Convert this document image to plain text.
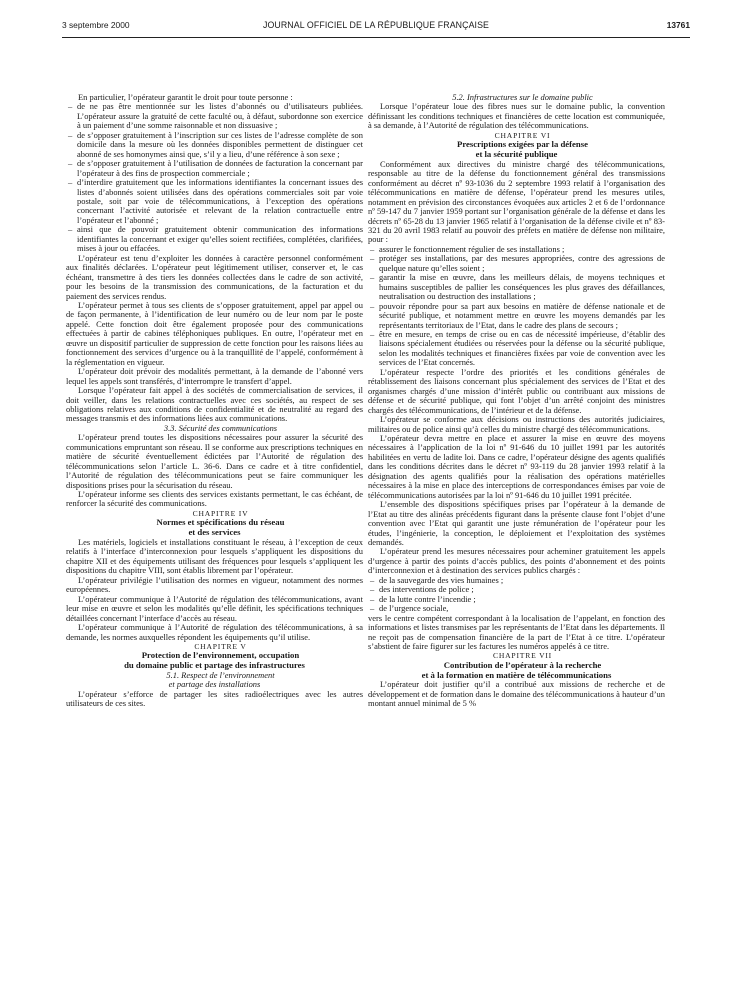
3 septembre 2000	JOURNAL OFFICIEL DE LA RÉPUBLIQUE FRANÇAISE	13761

En particulier, l’opérateur garantit le droit pour toute personne :

– de ne pas être mentionnée sur les listes d’abonnés ou d’utilisateurs publiées. L’opérateur assure la gratuité de cette faculté ou, à défaut, subordonne son exercice à un paiement d’une somme raisonnable et non dissuasive ;
– de s’opposer gratuitement à l’inscription sur ces listes de l’adresse complète de son domicile dans la mesure où les données disponibles permettent de distinguer cet abonné de ses homonymes ainsi que, s’il y a lieu, d’une référence à son sexe ;
– de s’opposer gratuitement à l’utilisation de données de facturation la concernant par l’opérateur à des fins de prospection commerciale ;
– d’interdire gratuitement que les informations identifiantes la concernant issues des listes d’abonnés soient utilisées dans des opérations commerciales soit par voie postale, soit par voie de télécommunications, à l’exception des opérations concernant l’activité autorisée et relevant de la relation contractuelle entre l’opérateur et l’abonné ;
– ainsi que de pouvoir gratuitement obtenir communication des informations identifiantes la concernant et exiger qu’elles soient rectifiées, complétées, clarifiées, mises à jour ou effacées.

L’opérateur est tenu d’exploiter les données à caractère personnel conformément aux finalités déclarées. L’opérateur peut légitimement utiliser, conserver et, le cas échéant, transmettre à des tiers les données collectées dans le cadre de son activité, pour les besoins de la transmission des communications, de la facturation et du paiement des services rendus.

L’opérateur permet à tous ses clients de s’opposer gratuitement, appel par appel ou de façon permanente, à l’identification de leur numéro ou de leur nom par le poste appelé. Cette fonction doit être également proposée pour des communications effectuées à partir de cabines téléphoniques publiques. En outre, l’opérateur met en œuvre un dispositif particulier de suppression de cette fonction pour les raisons liées au fonctionnement des services d’urgence ou à la tranquillité de l’appelé, conformément à la réglementation en vigueur.

L’opérateur doit prévoir des modalités permettant, à la demande de l’abonné vers lequel les appels sont transférés, d’interrompre le transfert d’appel.

Lorsque l’opérateur fait appel à des sociétés de commercialisation de services, il doit veiller, dans les relations contractuelles avec ces sociétés, au respect de ses obligations relatives aux conditions de confidentialité et de neutralité au regard des messages transmis et des informations liées aux communications.

3.3. Sécurité des communications

L’opérateur prend toutes les dispositions nécessaires pour assurer la sécurité des communications empruntant son réseau. Il se conforme aux prescriptions techniques en matière de sécurité éventuellement édictées par l’Autorité de régulation des télécommunications selon l’article L. 36-6. Dans ce cadre et à titre confidentiel, l’Autorité de régulation des télécommunications peut se faire communiquer les dispositions prises pour la sécurisation du réseau.

L’opérateur informe ses clients des services existants permettant, le cas échéant, de renforcer la sécurité des communications.

CHAPITRE IV

Normes et spécifications du réseau
et des services

Les matériels, logiciels et installations constituant le réseau, à l’exception de ceux relatifs à l’interface d’interconnexion pour lesquels s’appliquent les dispositions du chapitre XII et des équipements utilisant des fréquences pour lesquels s’appliquent les dispositions du chapitre VIII, sont établis librement par l’opérateur.

L’opérateur privilégie l’utilisation des normes en vigueur, notamment des normes européennes.

L’opérateur communique à l’Autorité de régulation des télécommunications, avant leur mise en œuvre et selon les modalités qu’elle définit, les spécifications techniques détaillées concernant l’interface d’accès au réseau.

L’opérateur communique à l’Autorité de régulation des télécommunications, à sa demande, les normes auxquelles répondent les équipements qu’il utilise.

CHAPITRE V

Protection de l’environnement, occupation
du domaine public et partage des infrastructures

5.1. Respect de l’environnement
et partage des installations

L’opérateur s’efforce de partager les sites radioélectriques avec les autres utilisateurs de ces sites.

5.2. Infrastructures sur le domaine public

Lorsque l’opérateur loue des fibres nues sur le domaine public, la convention définissant les conditions techniques et financières de cette location est communiquée, à sa demande, à l’Autorité de régulation des télécommunications.

CHAPITRE VI

Prescriptions exigées par la défense
et la sécurité publique

Conformément aux directives du ministre chargé des télécommunications, responsable au titre de la défense du fonctionnement général des transmissions conformément au décret nº 93-1036 du 2 septembre 1993 relatif à l’organisation des télécommunications en matière de défense, l’opérateur prend les mesures utiles, notamment en prévision des circonstances évoquées aux articles 2 et 6 de l’ordonnance nº 59-147 du 7 janvier 1959 portant sur l’organisation générale de la défense et dans les décrets nº 65-28 du 13 janvier 1965 relatif à l’organisation de la défense civile et nº 83-321 du 20 avril 1983 relatif au pouvoir des préfets en matière de défense non militaire, pour :

– assurer le fonctionnement régulier de ses installations ;
– protéger ses installations, par des mesures appropriées, contre des agressions de quelque nature qu’elles soient ;
– garantir la mise en œuvre, dans les meilleurs délais, de moyens techniques et humains susceptibles de pallier les conséquences les plus graves des défaillances, neutralisation ou destruction des installations ;
– pouvoir répondre pour sa part aux besoins en matière de défense nationale et de sécurité publique, et notamment mettre en œuvre les moyens demandés par les représentants territoriaux de l’Etat, dans le cadre des plans de secours ;
– être en mesure, en temps de crise ou en cas de nécessité impérieuse, d’établir des liaisons spécialement étudiées ou réservées pour la défense ou la sécurité publique, selon les modalités techniques et financières fixées par voie de convention avec les services de l’Etat concernés.

L’opérateur respecte l’ordre des priorités et les conditions générales de rétablissement des liaisons concernant plus spécialement des services de l’Etat et des organismes chargés d’une mission d’intérêt public ou contribuant aux missions de défense et de sécurité publique, qui font l’objet d’un arrêté conjoint des ministres chargés des télécommunications, de l’intérieur et de la défense.

L’opérateur se conforme aux décisions ou instructions des autorités judiciaires, militaires ou de police ainsi qu’à celles du ministre chargé des télécommunications.

L’opérateur devra mettre en place et assurer la mise en œuvre des moyens nécessaires à l’application de la loi nº 91-646 du 10 juillet 1991 par les autorités habilitées en vertu de ladite loi. Dans ce cadre, l’opérateur désigne des agents qualifiés dans les conditions décrites dans le décret nº 93-119 du 28 janvier 1993 relatif à la désignation des agents qualifiés pour la réalisation des opérations matérielles nécessaires à la mise en place des interceptions de correspondances émises par voie de télécommunications autorisées par la loi nº 91-646 du 10 juillet 1991 précitée.

L’ensemble des dispositions spécifiques prises par l’opérateur à la demande de l’Etat au titre des alinéas précédents figurant dans la présente clause font l’objet d’une convention avec l’Etat qui garantit une juste rémunération de l’opérateur pour les études, l’ingénierie, la conception, le déploiement et l’exploitation des systèmes demandés.

L’opérateur prend les mesures nécessaires pour acheminer gratuitement les appels d’urgence à partir des points d’accès publics, des points d’abonnement et des points d’interconnexion et à destination des services publics chargés :

– de la sauvegarde des vies humaines ;
– des interventions de police ;
– de la lutte contre l’incendie ;
– de l’urgence sociale,

vers le centre compétent correspondant à la localisation de l’appelant, en fonction des informations et listes transmises par les représentants de l’Etat dans les départements. Il ne reçoit pas de compensation financière de la part de l’Etat à ce titre. L’opérateur s’abstient de faire figurer sur les factures les numéros appelés à ce titre.

CHAPITRE VII

Contribution de l’opérateur à la recherche
et à la formation en matière de télécommunications

L’opérateur doit justifier qu’il a contribué aux missions de recherche et de développement et de formation dans le domaine des télécommunications à hauteur d’un montant annuel minimal de 5 %
